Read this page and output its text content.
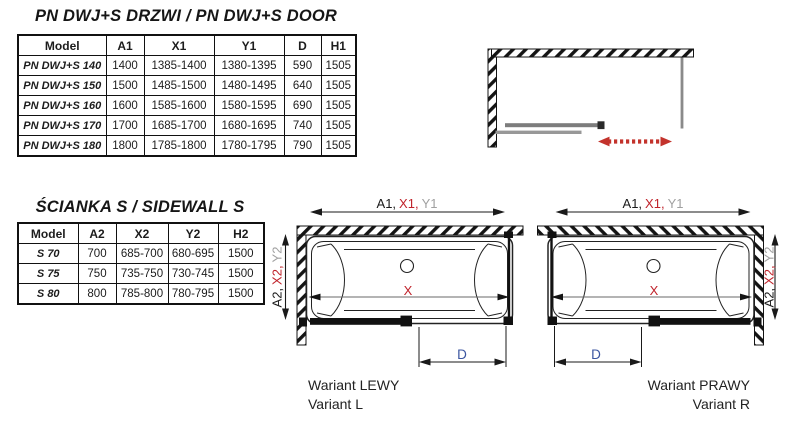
PN DWJ+S DRZWI / PN DWJ+S DOOR
Model	A1	X1	Y1	D	H1
PN DWJ+S 140	1400	1385-1400	1380-1395	590	1505
PN DWJ+S 150	1500	1485-1500	1480-1495	640	1505
PN DWJ+S 160	1600	1585-1600	1580-1595	690	1505
PN DWJ+S 170	1700	1685-1700	1680-1695	740	1505
PN DWJ+S 180	1800	1785-1800	1780-1795	790	1505
ŚCIANKA S / SIDEWALL S
Model	A2	X2	Y2	H2
S 70	700	685-700	680-695	1500
S 75	750	735-750	730-745	1500
S 80	800	785-800	780-795	1500
A1, X1, Y1
X
D
A2,X2,Y2
Wariant LEWY
Variant L
A1, X1, Y1
X
D
A2,X2,Y2
Wariant PRAWY
Variant R
